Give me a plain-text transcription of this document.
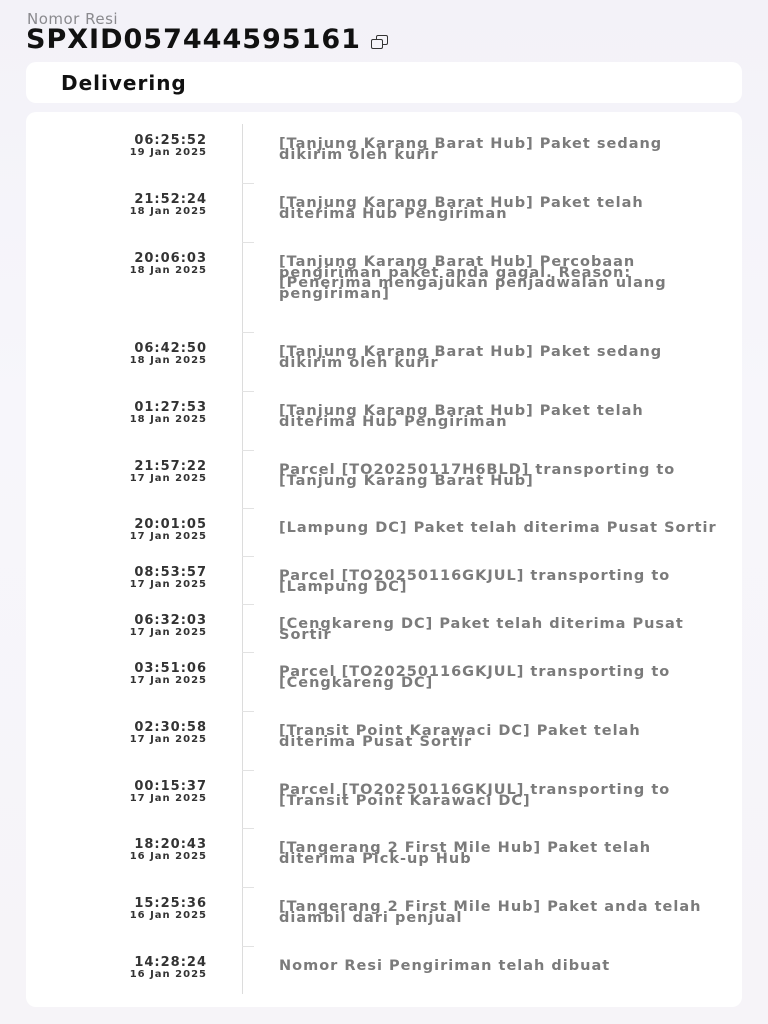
Nomor Resi
SPXID057444595161
Delivering
06:25:52
19 Jan 2025
[Tanjung Karang Barat Hub] Paket sedang dikirim oleh kurir
21:52:24
18 Jan 2025
[Tanjung Karang Barat Hub] Paket telah diterima Hub Pengiriman
20:06:03
18 Jan 2025
[Tanjung Karang Barat Hub] Percobaan pengiriman paket anda gagal. Reason: [Penerima mengajukan penjadwalan ulang pengiriman]
06:42:50
18 Jan 2025
[Tanjung Karang Barat Hub] Paket sedang dikirim oleh kurir
01:27:53
18 Jan 2025
[Tanjung Karang Barat Hub] Paket telah diterima Hub Pengiriman
21:57:22
17 Jan 2025
Parcel [TO20250117H6BLD] transporting to [Tanjung Karang Barat Hub]
20:01:05
17 Jan 2025
[Lampung DC] Paket telah diterima Pusat Sortir
08:53:57
17 Jan 2025
Parcel [TO20250116GKJUL] transporting to [Lampung DC]
06:32:03
17 Jan 2025
[Cengkareng DC] Paket telah diterima Pusat Sortir
03:51:06
17 Jan 2025
Parcel [TO20250116GKJUL] transporting to [Cengkareng DC]
02:30:58
17 Jan 2025
[Transit Point Karawaci DC] Paket telah diterima Pusat Sortir
00:15:37
17 Jan 2025
Parcel [TO20250116GKJUL] transporting to [Transit Point Karawaci DC]
18:20:43
16 Jan 2025
[Tangerang 2 First Mile Hub] Paket telah diterima Pick-up Hub
15:25:36
16 Jan 2025
[Tangerang 2 First Mile Hub] Paket anda telah diambil dari penjual
14:28:24
16 Jan 2025
Nomor Resi Pengiriman telah dibuat
